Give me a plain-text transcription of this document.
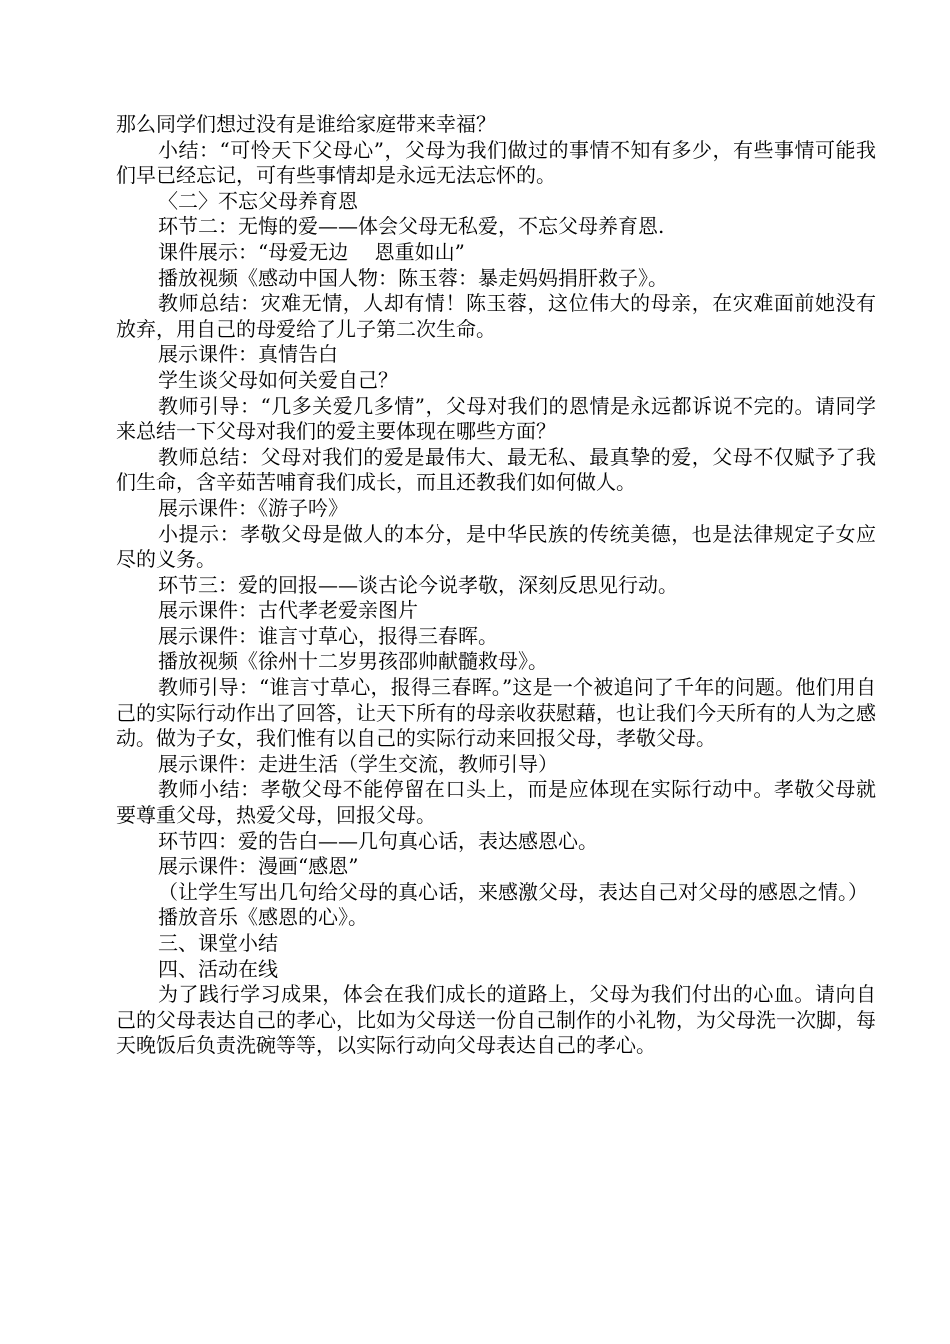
那么同学们想过没有是谁给家庭带来幸福？

小结：“可怜天下父母心”，父母为我们做过的事情不知有多少，有些事情可能我们早已经忘记，可有些事情却是永远无法忘怀的。

〈二〉不忘父母养育恩

环节二：无悔的爱——体会父母无私爱，不忘父母养育恩.

课件展示：“母爱无边　 恩重如山”

播放视频《感动中国人物：陈玉蓉：暴走妈妈捐肝救子》。

教师总结：灾难无情，人却有情！陈玉蓉，这位伟大的母亲，在灾难面前她没有放弃，用自己的母爱给了儿子第二次生命。

展示课件：真情告白

学生谈父母如何关爱自己？

教师引导：“几多关爱几多情”，父母对我们的恩情是永远都诉说不完的。请同学来总结一下父母对我们的爱主要体现在哪些方面？

教师总结：父母对我们的爱是最伟大、最无私、最真挚的爱，父母不仅赋予了我们生命，含辛茹苦哺育我们成长，而且还教我们如何做人。

展示课件：《游子吟》

小提示：孝敬父母是做人的本分，是中华民族的传统美德，也是法律规定子女应尽的义务。

环节三：爱的回报——谈古论今说孝敬，深刻反思见行动。

展示课件：古代孝老爱亲图片

展示课件：谁言寸草心，报得三春晖。

播放视频《徐州十二岁男孩邵帅献髓救母》。

教师引导：“谁言寸草心，报得三春晖。”这是一个被追问了千年的问题。他们用自己的实际行动作出了回答，让天下所有的母亲收获慰藉，也让我们今天所有的人为之感动。做为子女，我们惟有以自己的实际行动来回报父母，孝敬父母。

展示课件：走进生活（学生交流，教师引导）

教师小结：孝敬父母不能停留在口头上，而是应体现在实际行动中。孝敬父母就要尊重父母，热爱父母，回报父母。

环节四：爱的告白——几句真心话，表达感恩心。

展示课件：漫画“感恩”

（让学生写出几句给父母的真心话，来感激父母，表达自己对父母的感恩之情。）

播放音乐《感恩的心》。

三、课堂小结

四、活动在线

为了践行学习成果，体会在我们成长的道路上，父母为我们付出的心血。请向自己的父母表达自己的孝心，比如为父母送一份自己制作的小礼物，为父母洗一次脚，每天晚饭后负责洗碗等等，以实际行动向父母表达自己的孝心。
